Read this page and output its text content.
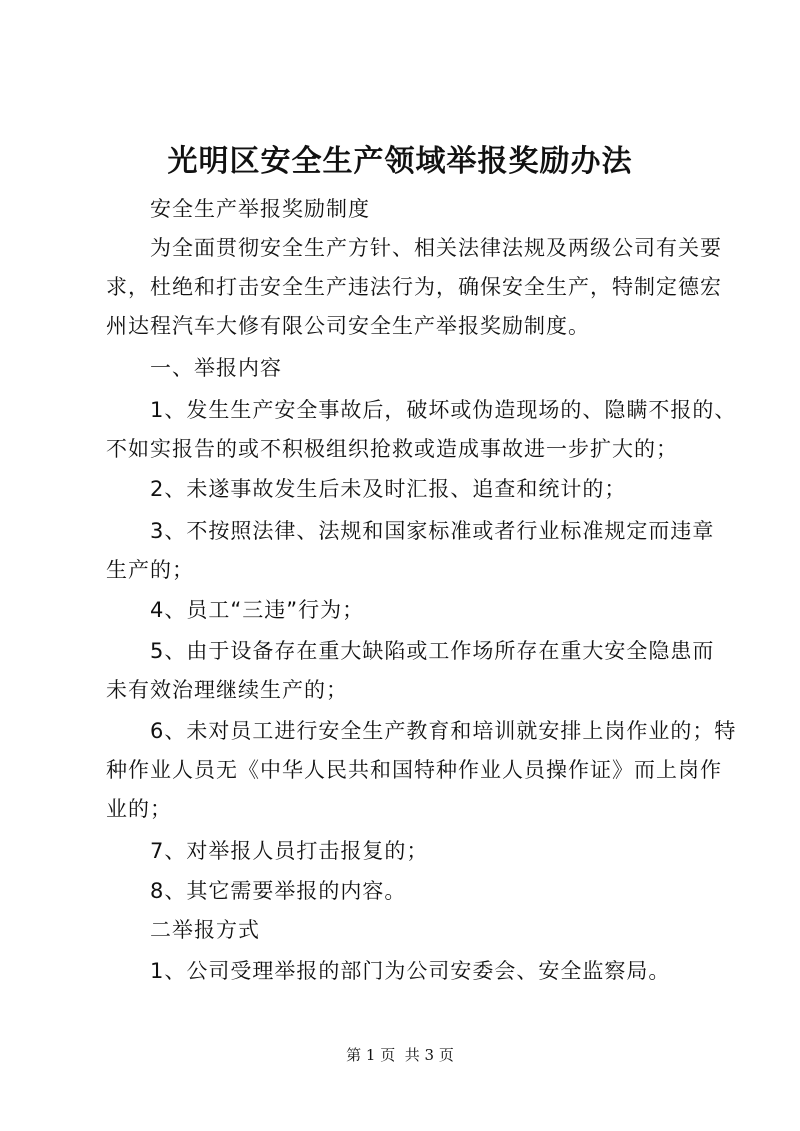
光明区安全生产领域举报奖励办法
安全生产举报奖励制度
为全面贯彻安全生产方针、相关法律法规及两级公司有关要
求，杜绝和打击安全生产违法行为，确保安全生产，特制定德宏
州达程汽车大修有限公司安全生产举报奖励制度。
一、举报内容
1、发生生产安全事故后，破坏或伪造现场的、隐瞒不报的、
不如实报告的或不积极组织抢救或造成事故进一步扩大的；
2、未遂事故发生后未及时汇报、追查和统计的；
3、不按照法律、法规和国家标准或者行业标准规定而违章
生产的；
4、员工“三违”行为；
5、由于设备存在重大缺陷或工作场所存在重大安全隐患而
未有效治理继续生产的；
6、未对员工进行安全生产教育和培训就安排上岗作业的；特
种作业人员无《中华人民共和国特种作业人员操作证》而上岗作
业的；
7、对举报人员打击报复的；
8、其它需要举报的内容。
二举报方式
1、公司受理举报的部门为公司安委会、安全监察局。
第 1 页  共 3 页
